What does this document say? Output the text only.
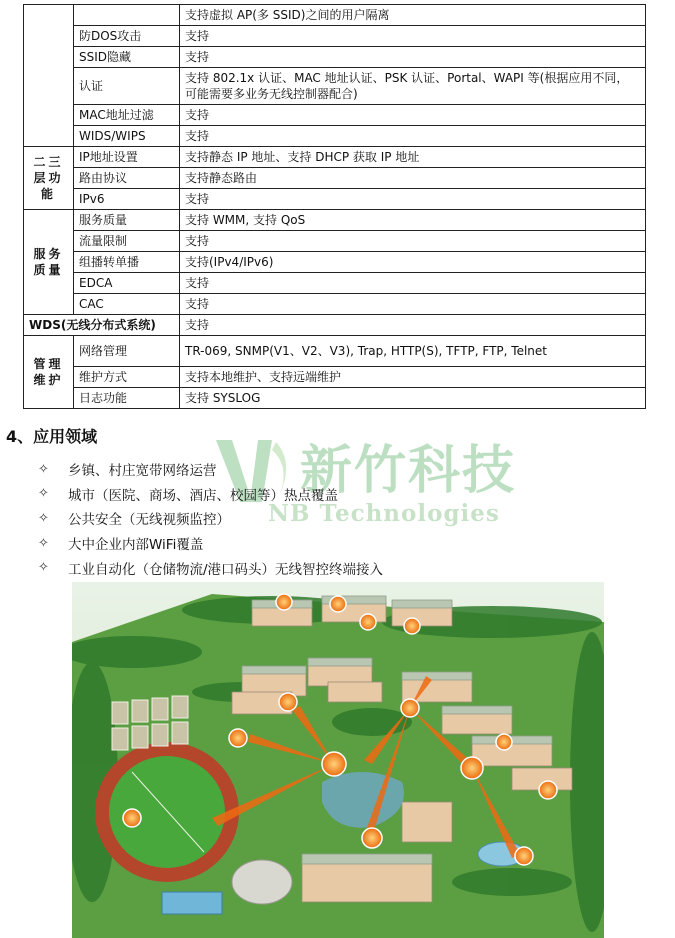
		支持虚拟 AP(多 SSID)之间的用户隔离
	防DOS攻击	支持
	SSID隐藏	支持
	认证	支持 802.1x 认证、MAC 地址认证、PSK 认证、Portal、WAPI 等(根据应用不同，可能需要多业务无线控制器配合)
	MAC地址过滤	支持
	WIDS/WIPS	支持
二三层功能	IP地址设置	支持静态 IP 地址、支持 DHCP 获取 IP 地址
	路由协议	支持静态路由
	IPv6	支持
服务质量	服务质量	支持 WMM, 支持 QoS
	流量限制	支持
	组播转单播	支持(IPv4/IPv6)
	EDCA	支持
	CAC	支持
WDS(无线分布式系统)		支持
管理维护	网络管理	TR-069, SNMP(V1、V2、V3), Trap, HTTP(S), TFTP, FTP, Telnet
	维护方式	支持本地维护、支持远端维护
	日志功能	支持 SYSLOG
4、应用领域
新竹科技
NB Technologies
✧	乡镇、村庄宽带网络运营
✧	城市（医院、商场、酒店、校园等）热点覆盖
✧	公共安全（无线视频监控）
✧	大中企业内部WiFi覆盖
✧	工业自动化（仓储物流/港口码头）无线智控终端接入
